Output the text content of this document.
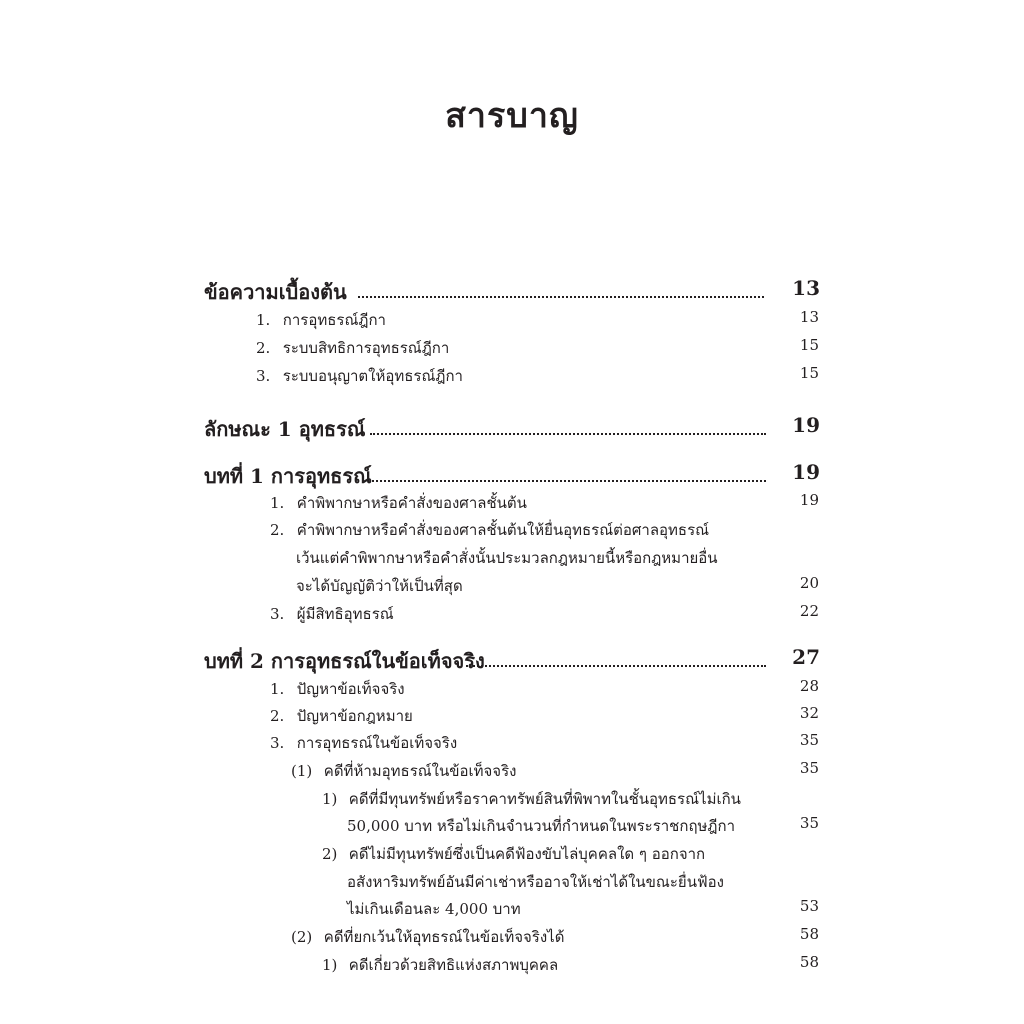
สารบาญ
ข้อความเบื้องต้น	13
1. การอุทธรณ์ฎีกา	13
2. ระบบสิทธิการอุทธรณ์ฎีกา	15
3. ระบบอนุญาตให้อุทธรณ์ฎีกา	15
ลักษณะ 1 อุทธรณ์	19
บทที่ 1 การอุทธรณ์	19
1. คำพิพากษาหรือคำสั่งของศาลชั้นต้น	19
2. คำพิพากษาหรือคำสั่งของศาลชั้นต้นให้ยื่นอุทธรณ์ต่อศาลอุทธรณ์
เว้นแต่คำพิพากษาหรือคำสั่งนั้นประมวลกฎหมายนี้หรือกฎหมายอื่น
จะได้บัญญัติว่าให้เป็นที่สุด	20
3. ผู้มีสิทธิอุทธรณ์	22
บทที่ 2 การอุทธรณ์ในข้อเท็จจริง	27
1. ปัญหาข้อเท็จจริง	28
2. ปัญหาข้อกฎหมาย	32
3. การอุทธรณ์ในข้อเท็จจริง	35
(1) คดีที่ห้ามอุทธรณ์ในข้อเท็จจริง	35
1) คดีที่มีทุนทรัพย์หรือราคาทรัพย์สินที่พิพาทในชั้นอุทธรณ์ไม่เกิน
50,000 บาท หรือไม่เกินจำนวนที่กำหนดในพระราชกฤษฎีกา	35
2) คดีไม่มีทุนทรัพย์ซึ่งเป็นคดีฟ้องขับไล่บุคคลใด ๆ ออกจาก
อสังหาริมทรัพย์อันมีค่าเช่าหรืออาจให้เช่าได้ในขณะยื่นฟ้อง
ไม่เกินเดือนละ 4,000 บาท	53
(2) คดีที่ยกเว้นให้อุทธรณ์ในข้อเท็จจริงได้	58
1) คดีเกี่ยวด้วยสิทธิแห่งสภาพบุคคล	58
